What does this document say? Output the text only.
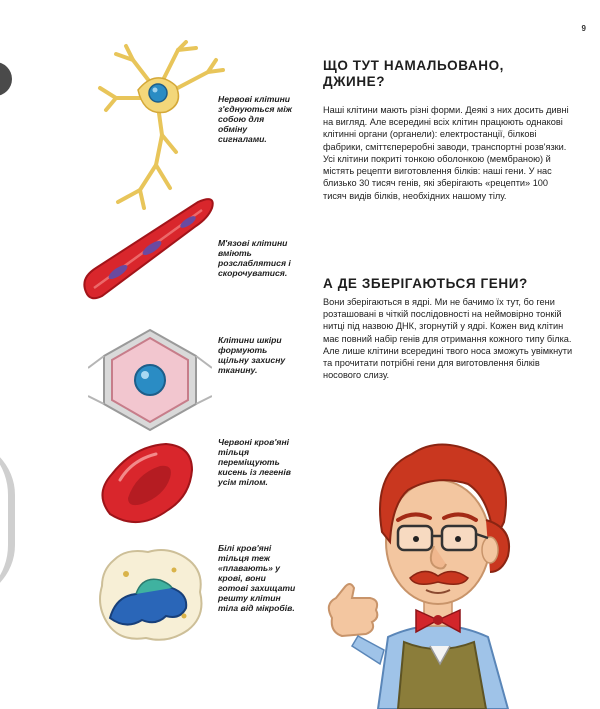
9

Нервові клітини з'єднуються між собою для обміну сигналами.

М'язові клітини вміють розслаблятися і скорочуватися.

Клітини шкіри формують щільну захисну тканину.

Червоні кров'яні тільця переміщують кисень із легенів усім тілом.

Білі кров'яні тільця теж «плавають» у крові, вони готові захищати решту клітин тіла від мікробів.

ЩО ТУТ НАМАЛЬОВАНО,
ДЖИНЕ?

Наші клітини мають різні форми. Деякі з них досить дивні на вигляд. Але всередині всіх клітин працюють однакові клітинні органи (органели): електростанції, білкові фабрики, сміттєпереробні заводи, транспортні розв'язки. Усі клітини покриті тонкою оболонкою (мембраною) й містять рецепти виготовлення білків: наші гени. У нас близько 30 тисяч генів, які зберігають «рецепти» 100 тисяч видів білків, необхідних нашому тілу.

А ДЕ ЗБЕРІГАЮТЬСЯ ГЕНИ?

Вони зберігаються в ядрі. Ми не бачимо їх тут, бо гени розташовані в чіткій послідовності на неймовірно тонкій нитці під назвою ДНК, згорнутій у ядрі. Кожен вид клітин має повний набір генів для отримання кожного типу білка. Але лише клітини всередині твого носа зможуть увімкнути та прочитати потрібні гени для виготовлення білків носового слизу.
